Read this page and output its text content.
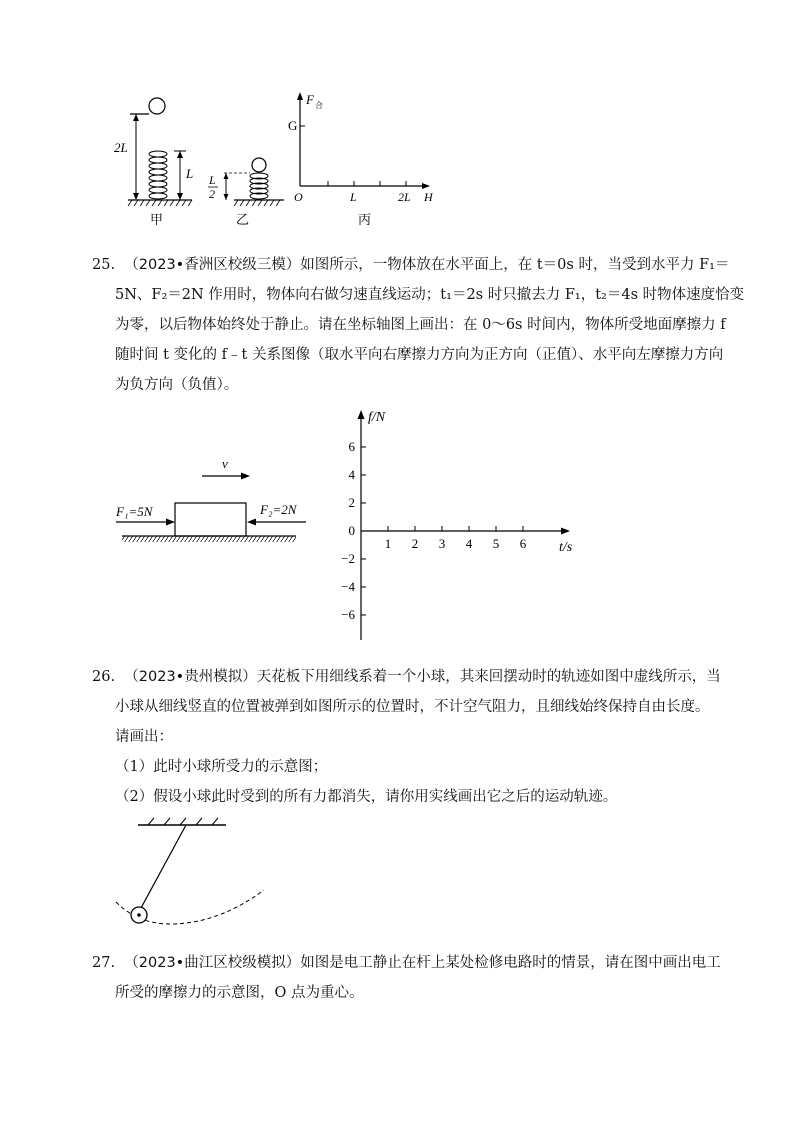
2L
L
甲
L
2
乙
F 合
G
O	L	2L H
丙

25. （2023•香洲区校级三模）如图所示，一物体放在水平面上，在 t＝0s 时，当受到水平力 F₁＝

5N、F₂＝2N 作用时，物体向右做匀速直线运动；t₁＝2s 时只撤去力 F₁，t₂＝4s 时物体速度恰变

为零，以后物体始终处于静止。请在坐标轴图上画出：在 0～6s 时间内，物体所受地面摩擦力 f

随时间 t 变化的 f﹣t 关系图像（取水平向右摩擦力方向为正方向（正值）、水平向左摩擦力方向

为负方向（负值）。

v
F₁=5N	F₂=2N
f/N
t/s
6
4
2
0
−2
−4
−6
1 2 3 4 5 6

26. （2023•贵州模拟）天花板下用细线系着一个小球，其来回摆动时的轨迹如图中虚线所示，当

小球从细线竖直的位置被弹到如图所示的位置时，不计空气阻力，且细线始终保持自由长度。

请画出：

（1）此时小球所受力的示意图；

（2）假设小球此时受到的所有力都消失，请你用实线画出它之后的运动轨迹。

27. （2023•曲江区校级模拟）如图是电工静止在杆上某处检修电路时的情景，请在图中画出电工

所受的摩擦力的示意图，O 点为重心。
